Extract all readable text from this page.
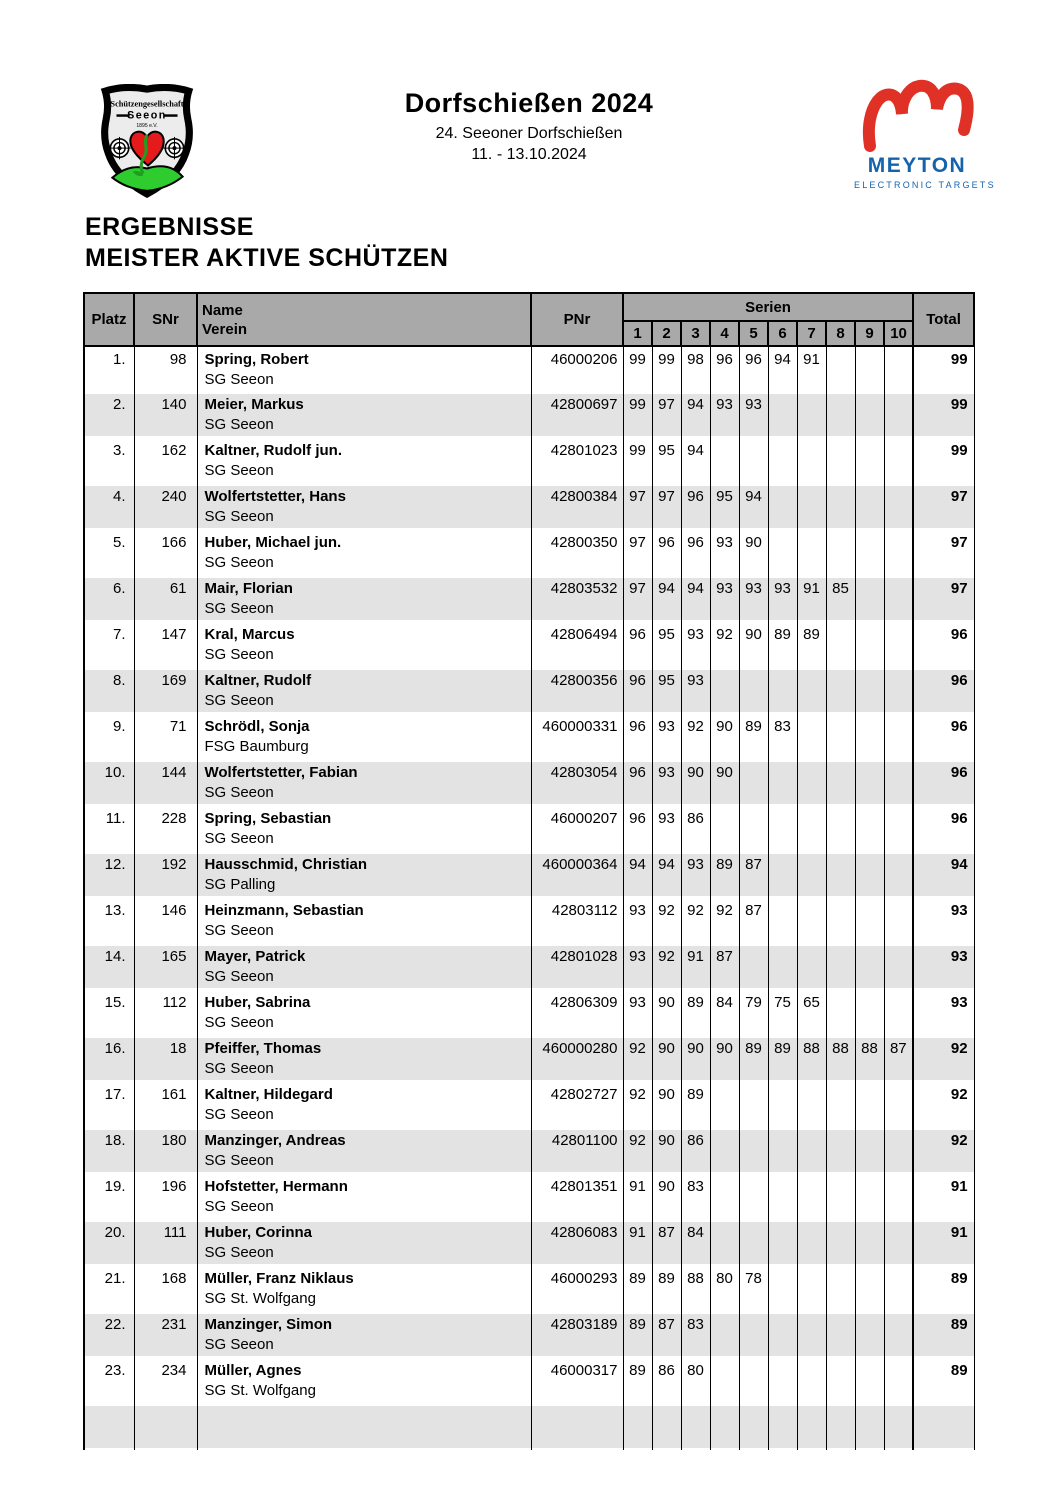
Schützengesellschaft
Seeon
1895 e.V.
Dorfschießen 2024
24. Seeoner Dorfschießen
11. - 13.10.2024	MEYTON
ELECTRONIC TARGETS
ERGEBNISSE
MEISTER AKTIVE SCHÜTZEN
Platz	SNr	Name
Verein	PNr	Serien										Total
				1	2	3	4	5	6	7	8	9	10	
1.	98	Spring, Robert
SG Seeon	46000206	99	99	98	96	96	94	91				99
2.	140	Meier, Markus
SG Seeon	42800697	99	97	94	93	93						99
3.	162	Kaltner, Rudolf jun.
SG Seeon	42801023	99	95	94								99
4.	240	Wolfertstetter, Hans
SG Seeon	42800384	97	97	96	95	94						97
5.	166	Huber, Michael jun.
SG Seeon	42800350	97	96	96	93	90						97
6.	61	Mair, Florian
SG Seeon	42803532	97	94	94	93	93	93	91	85			97
7.	147	Kral, Marcus
SG Seeon	42806494	96	95	93	92	90	89	89				96
8.	169	Kaltner, Rudolf
SG Seeon	42800356	96	95	93								96
9.	71	Schrödl, Sonja
FSG Baumburg	460000331	96	93	92	90	89	83					96
10.	144	Wolfertstetter, Fabian
SG Seeon	42803054	96	93	90	90							96
11.	228	Spring, Sebastian
SG Seeon	46000207	96	93	86								96
12.	192	Hausschmid, Christian
SG Palling	460000364	94	94	93	89	87						94
13.	146	Heinzmann, Sebastian
SG Seeon	42803112	93	92	92	92	87						93
14.	165	Mayer, Patrick
SG Seeon	42801028	93	92	91	87							93
15.	112	Huber, Sabrina
SG Seeon	42806309	93	90	89	84	79	75	65				93
16.	18	Pfeiffer, Thomas
SG Seeon	460000280	92	90	90	90	89	89	88	88	88	87	92
17.	161	Kaltner, Hildegard
SG Seeon	42802727	92	90	89								92
18.	180	Manzinger, Andreas
SG Seeon	42801100	92	90	86								92
19.	196	Hofstetter, Hermann
SG Seeon	42801351	91	90	83								91
20.	111	Huber, Corinna
SG Seeon	42806083	91	87	84								91
21.	168	Müller, Franz Niklaus
SG St. Wolfgang	46000293	89	89	88	80	78						89
22.	231	Manzinger, Simon
SG Seeon	42803189	89	87	83								89
23.	234	Müller, Agnes
SG St. Wolfgang	46000317	89	86	80								89
